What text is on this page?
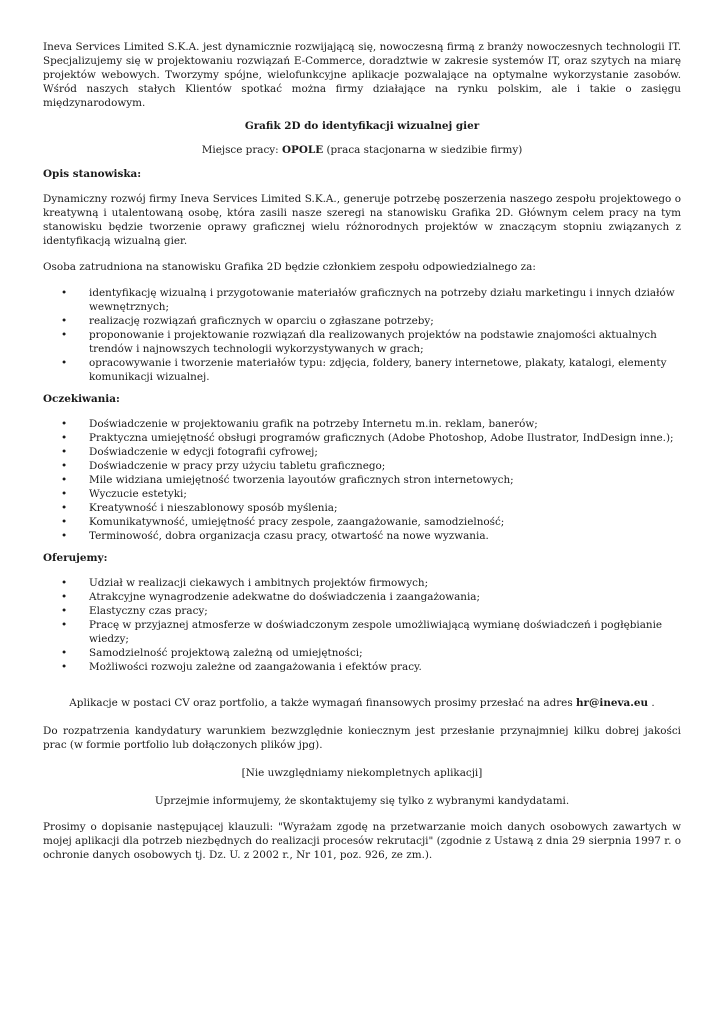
Ineva Services Limited S.K.A. jest dynamicznie rozwijającą się, nowoczesną firmą z branży nowoczesnych technologii IT. Specjalizujemy się w projektowaniu rozwiązań E-Commerce, doradztwie w zakresie systemów IT, oraz szytych na miarę projektów webowych. Tworzymy spójne, wielofunkcyjne aplikacje pozwalające na optymalne wykorzystanie zasobów. Wśród naszych stałych Klientów spotkać można firmy działające na rynku polskim, ale i takie o zasięgu międzynarodowym.

Grafik 2D do identyfikacji wizualnej gier

Miejsce pracy: OPOLE (praca stacjonarna w siedzibie firmy)

Opis stanowiska:

Dynamiczny rozwój firmy Ineva Services Limited S.K.A., generuje potrzebę poszerzenia naszego zespołu projektowego o kreatywną i utalentowaną osobę, która zasili nasze szeregi na stanowisku Grafika 2D. Głównym celem pracy na tym stanowisku będzie tworzenie oprawy graficznej wielu różnorodnych projektów w znaczącym stopniu związanych z identyfikacją wizualną gier.

Osoba zatrudniona na stanowisku Grafika 2D będzie członkiem zespołu odpowiedzialnego za:

• identyfikację wizualną i przygotowanie materiałów graficznych na potrzeby działu marketingu i innych działów wewnętrznych;
• realizację rozwiązań graficznych w oparciu o zgłaszane potrzeby;
• proponowanie i projektowanie rozwiązań dla realizowanych projektów na podstawie znajomości aktualnych trendów i najnowszych technologii wykorzystywanych w grach;
• opracowywanie i tworzenie materiałów typu: zdjęcia, foldery, banery internetowe, plakaty, katalogi, elementy komunikacji wizualnej.

Oczekiwania:

• Doświadczenie w projektowaniu grafik na potrzeby Internetu m.in. reklam, banerów;
• Praktyczna umiejętność obsługi programów graficznych (Adobe Photoshop, Adobe Ilustrator, IndDesign inne.);
• Doświadczenie w edycji fotografii cyfrowej;
• Doświadczenie w pracy przy użyciu tabletu graficznego;
• Mile widziana umiejętność tworzenia layoutów graficznych stron internetowych;
• Wyczucie estetyki;
• Kreatywność i nieszablonowy sposób myślenia;
• Komunikatywność, umiejętność pracy zespole, zaangażowanie, samodzielność;
• Terminowość, dobra organizacja czasu pracy, otwartość na nowe wyzwania.

Oferujemy:

• Udział w realizacji ciekawych i ambitnych projektów firmowych;
• Atrakcyjne wynagrodzenie adekwatne do doświadczenia i zaangażowania;
• Elastyczny czas pracy;
• Pracę w przyjaznej atmosferze w doświadczonym zespole umożliwiającą wymianę doświadczeń i pogłębianie wiedzy;
• Samodzielność projektową zależną od umiejętności;
• Możliwości rozwoju zależne od zaangażowania i efektów pracy.

Aplikacje w postaci CV oraz portfolio, a także wymagań finansowych prosimy przesłać na adres hr@ineva.eu .

Do rozpatrzenia kandydatury warunkiem bezwzględnie koniecznym jest przesłanie przynajmniej kilku dobrej jakości prac (w formie portfolio lub dołączonych plików jpg).

[Nie uwzględniamy niekompletnych aplikacji]

Uprzejmie informujemy, że skontaktujemy się tylko z wybranymi kandydatami.

Prosimy o dopisanie następującej klauzuli: "Wyrażam zgodę na przetwarzanie moich danych osobowych zawartych w mojej aplikacji dla potrzeb niezbędnych do realizacji procesów rekrutacji" (zgodnie z Ustawą z dnia 29 sierpnia 1997 r. o ochronie danych osobowych tj. Dz. U. z 2002 r., Nr 101, poz. 926, ze zm.).
